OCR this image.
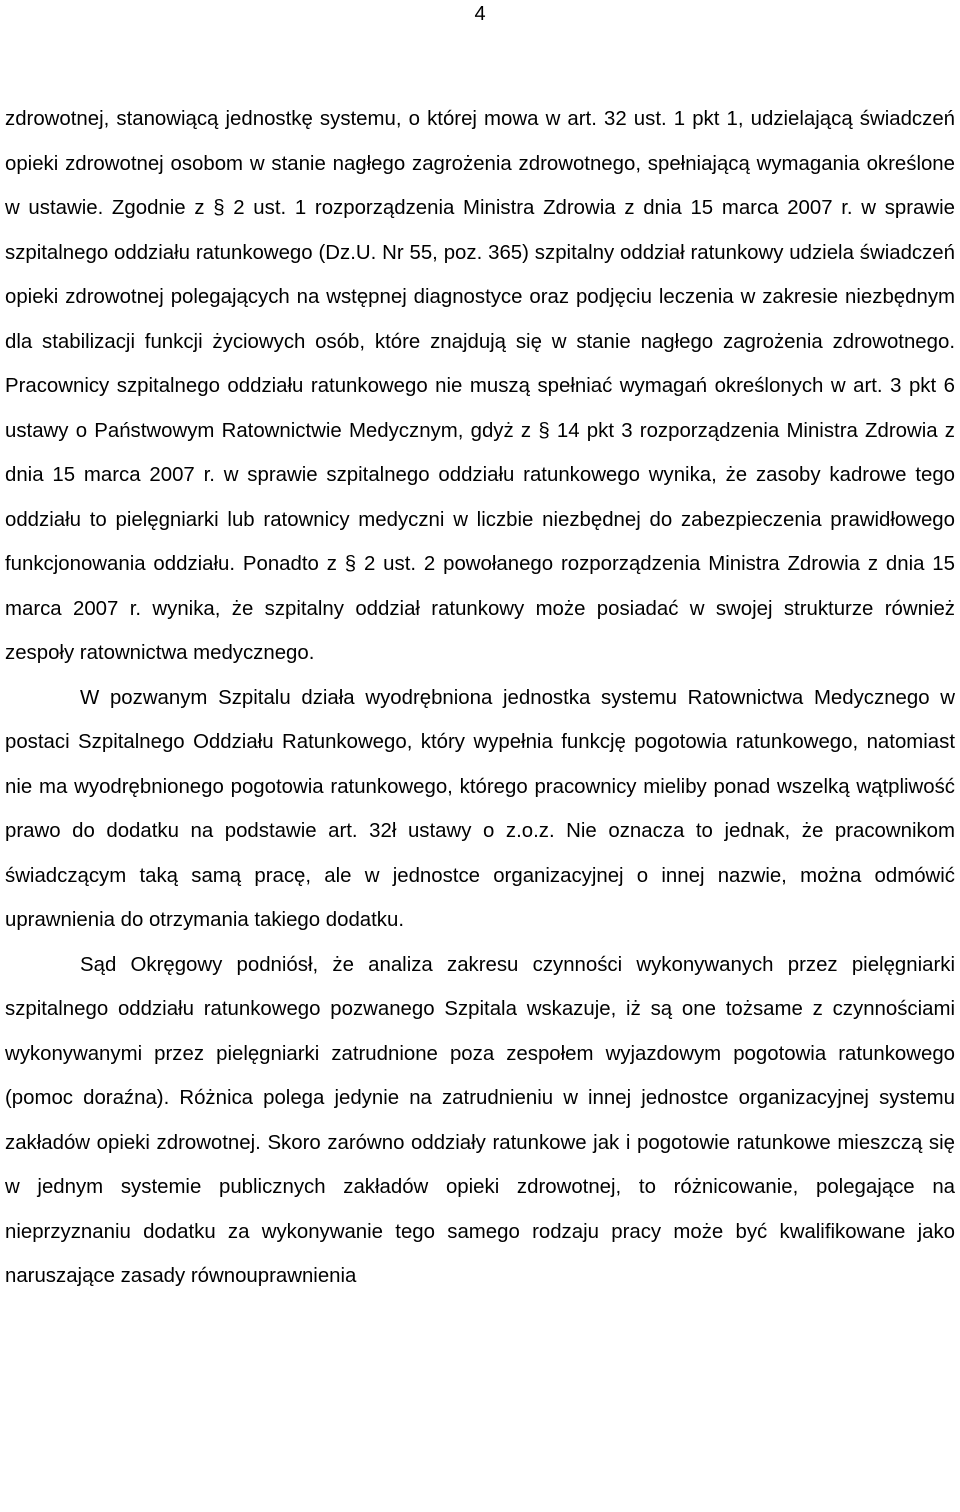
4

zdrowotnej, stanowiącą jednostkę systemu, o której mowa w art. 32 ust. 1 pkt 1, udzielającą świadczeń opieki zdrowotnej osobom w stanie nagłego zagrożenia zdrowotnego, spełniającą wymagania określone w ustawie. Zgodnie z § 2 ust. 1 rozporządzenia Ministra Zdrowia z dnia 15 marca 2007 r. w sprawie szpitalnego oddziału ratunkowego (Dz.U. Nr 55, poz. 365) szpitalny oddział ratunkowy udziela świadczeń opieki zdrowotnej polegających na wstępnej diagnostyce oraz podjęciu leczenia w zakresie niezbędnym dla stabilizacji funkcji życiowych osób, które znajdują się w stanie nagłego zagrożenia zdrowotnego. Pracownicy szpitalnego oddziału ratunkowego nie muszą spełniać wymagań określonych w art. 3 pkt 6 ustawy o Państwowym Ratownictwie Medycznym, gdyż z § 14 pkt 3 rozporządzenia Ministra Zdrowia z dnia 15 marca 2007 r. w sprawie szpitalnego oddziału ratunkowego wynika, że zasoby kadrowe tego oddziału to pielęgniarki lub ratownicy medyczni w liczbie niezbędnej do zabezpieczenia prawidłowego funkcjonowania oddziału. Ponadto z § 2 ust. 2 powołanego rozporządzenia Ministra Zdrowia z dnia 15 marca 2007 r. wynika, że szpitalny oddział ratunkowy może posiadać w swojej strukturze również zespoły ratownictwa medycznego.

W pozwanym Szpitalu działa wyodrębniona jednostka systemu Ratownictwa Medycznego w postaci Szpitalnego Oddziału Ratunkowego, który wypełnia funkcję pogotowia ratunkowego, natomiast nie ma wyodrębnionego pogotowia ratunkowego, którego pracownicy mieliby ponad wszelką wątpliwość prawo do dodatku na podstawie art. 32ł ustawy o z.o.z. Nie oznacza to jednak, że pracownikom świadczącym taką samą pracę, ale w jednostce organizacyjnej o innej nazwie, można odmówić uprawnienia do otrzymania takiego dodatku.

Sąd Okręgowy podniósł, że analiza zakresu czynności wykonywanych przez pielęgniarki szpitalnego oddziału ratunkowego pozwanego Szpitala wskazuje, iż są one tożsame z czynnościami wykonywanymi przez pielęgniarki zatrudnione poza zespołem wyjazdowym pogotowia ratunkowego (pomoc doraźna). Różnica polega jedynie na zatrudnieniu w innej jednostce organizacyjnej systemu zakładów opieki zdrowotnej. Skoro zarówno oddziały ratunkowe jak i pogotowie ratunkowe mieszczą się w jednym systemie publicznych zakładów opieki zdrowotnej, to różnicowanie, polegające na nieprzyznaniu dodatku za wykonywanie tego samego rodzaju pracy może być kwalifikowane jako naruszające zasady równouprawnienia
